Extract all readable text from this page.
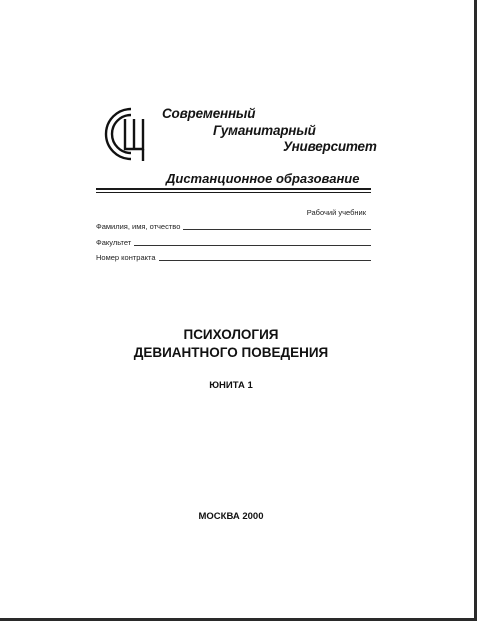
Современный
Гуманитарный
Университет
Дистанционное образование
Рабочий учебник
Фамилия, имя, отчество
Факультет
Номер контракта
ПСИХОЛОГИЯ
ДЕВИАНТНОГО ПОВЕДЕНИЯ
ЮНИТА 1
МОСКВА 2000
